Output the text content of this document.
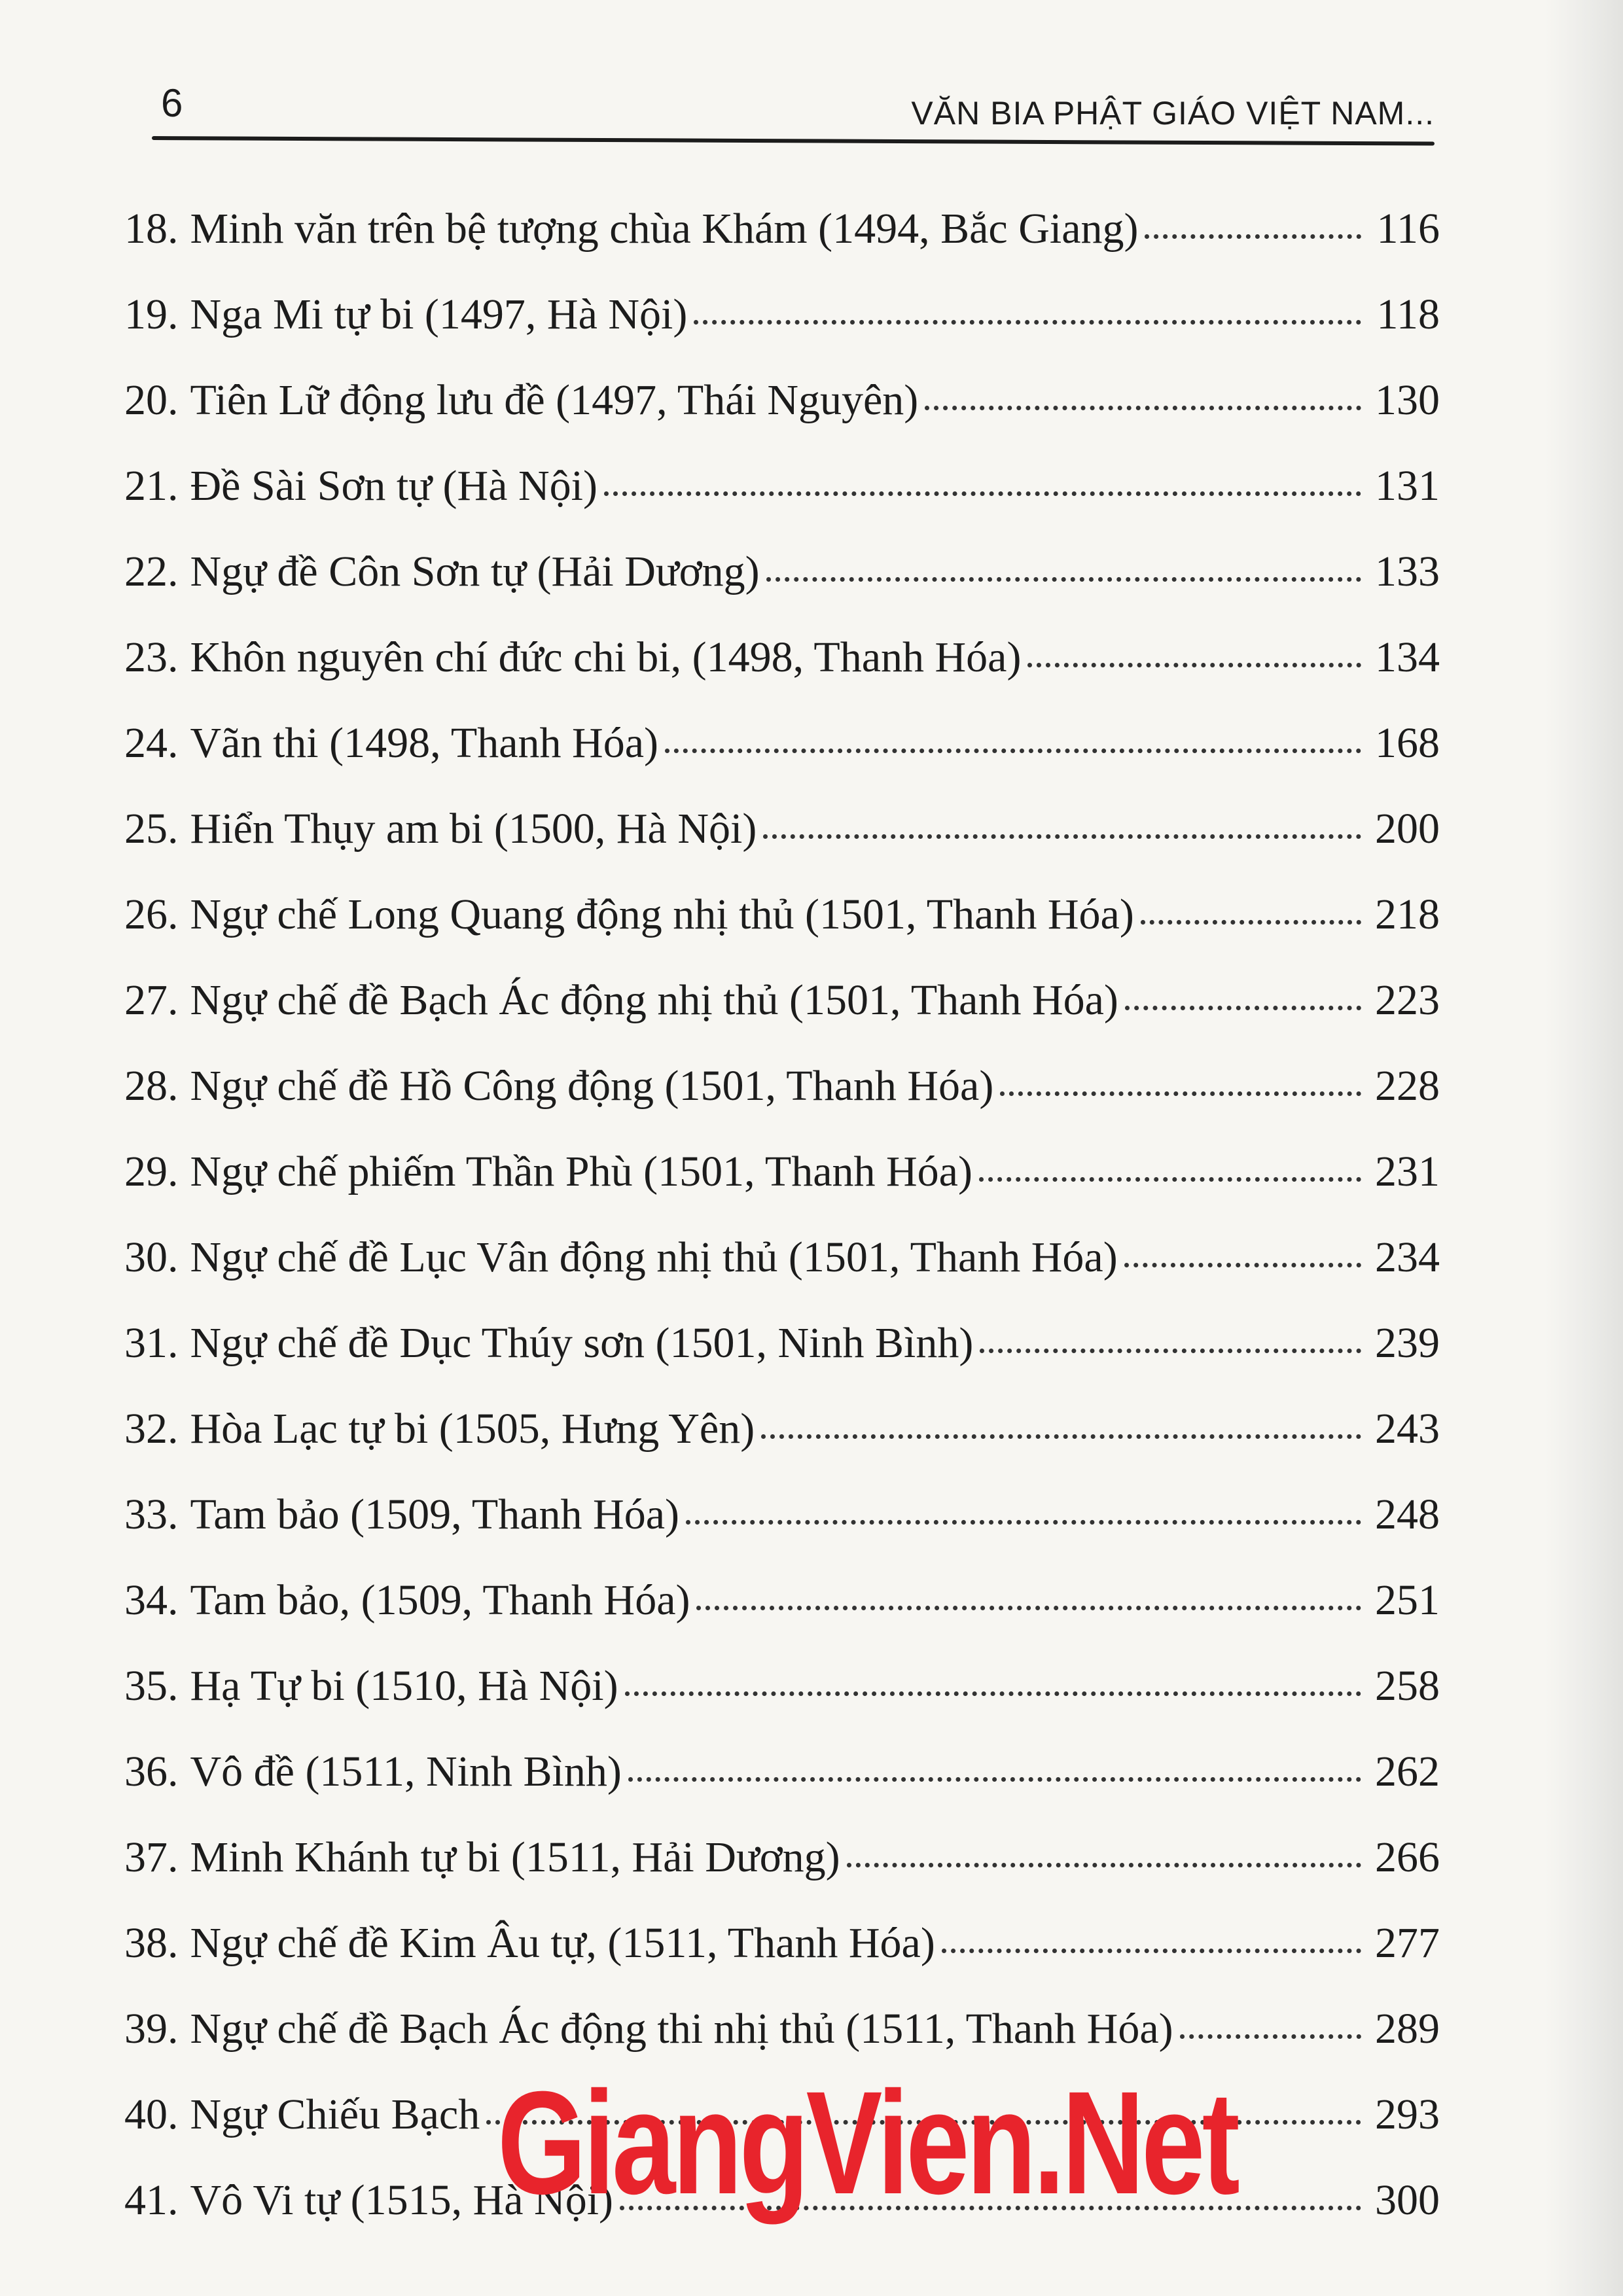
6	VĂN BIA PHẬT GIÁO VIỆT NAM...
18. Minh văn trên bệ tượng chùa Khám (1494, Bắc Giang)	116
19. Nga Mi tự bi (1497, Hà Nội)	118
20. Tiên Lữ động lưu đề (1497, Thái Nguyên)	130
21. Đề Sài Sơn tự (Hà Nội)	131
22. Ngự đề Côn Sơn tự (Hải Dương)	133
23. Khôn nguyên chí đức chi bi, (1498, Thanh Hóa)	134
24. Vãn thi (1498, Thanh Hóa)	168
25. Hiển Thụy am bi (1500, Hà Nội)	200
26. Ngự chế Long Quang động nhị thủ (1501, Thanh Hóa)	218
27. Ngự chế đề Bạch Ác động nhị thủ (1501, Thanh Hóa)	223
28. Ngự chế đề Hồ Công động (1501, Thanh Hóa)	228
29. Ngự chế phiếm Thần Phù (1501, Thanh Hóa)	231
30. Ngự chế đề Lục Vân động nhị thủ (1501, Thanh Hóa)	234
31. Ngự chế đề Dục Thúy sơn (1501, Ninh Bình)	239
32. Hòa Lạc tự bi (1505, Hưng Yên)	243
33. Tam bảo (1509, Thanh Hóa)	248
34. Tam bảo, (1509, Thanh Hóa)	251
35. Hạ Tự bi (1510, Hà Nội)	258
36. Vô đề (1511, Ninh Bình)	262
37. Minh Khánh tự bi (1511, Hải Dương)	266
38. Ngự chế đề Kim Âu tự, (1511, Thanh Hóa)	277
39. Ngự chế đề Bạch Ác động thi nhị thủ (1511, Thanh Hóa)	289
40. Ngự Chiếu Bạch	293
41. Vô Vi tự (1515, Hà Nội)	300
GiangVien.Net
